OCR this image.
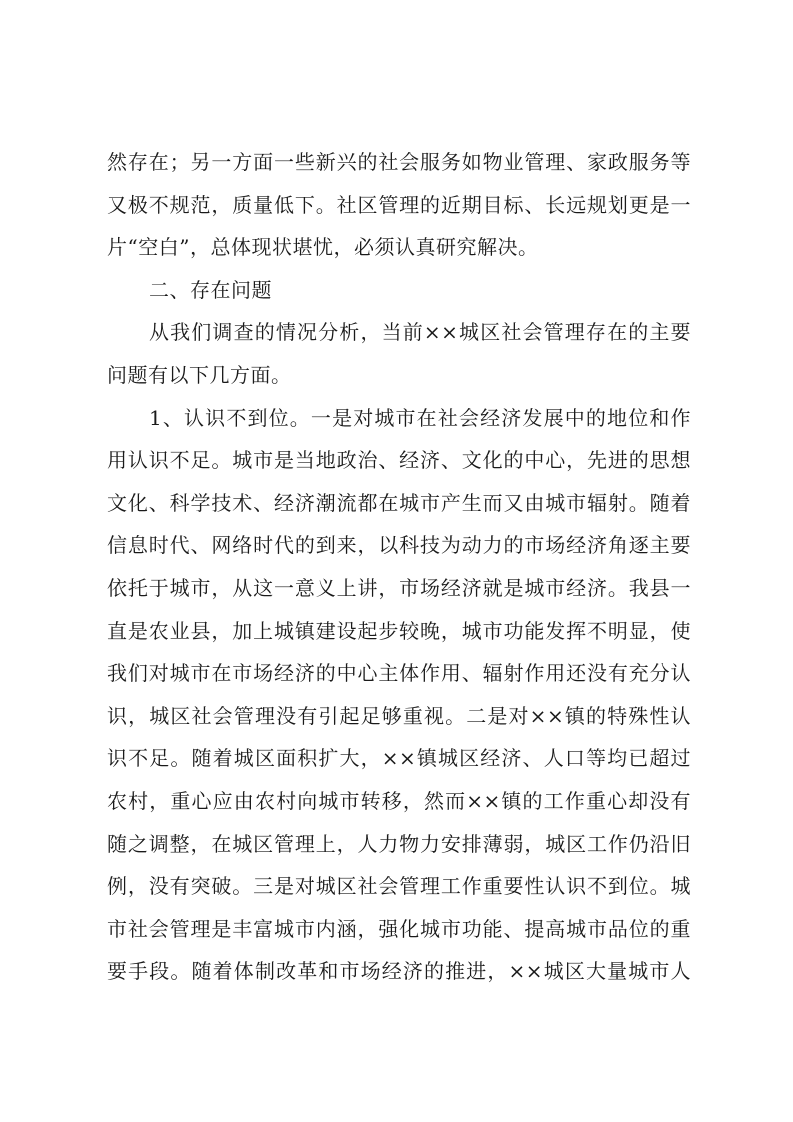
然存在；另一方面一些新兴的社会服务如物业管理、家政服务等
又极不规范，质量低下。社区管理的近期目标、长远规划更是一
片“空白”，总体现状堪忧，必须认真研究解决。
二、存在问题
从我们调查的情况分析，当前××城区社会管理存在的主要
问题有以下几方面。
1、认识不到位。一是对城市在社会经济发展中的地位和作
用认识不足。城市是当地政治、经济、文化的中心，先进的思想
文化、科学技术、经济潮流都在城市产生而又由城市辐射。随着
信息时代、网络时代的到来，以科技为动力的市场经济角逐主要
依托于城市，从这一意义上讲，市场经济就是城市经济。我县一
直是农业县，加上城镇建设起步较晚，城市功能发挥不明显，使
我们对城市在市场经济的中心主体作用、辐射作用还没有充分认
识，城区社会管理没有引起足够重视。二是对××镇的特殊性认
识不足。随着城区面积扩大，××镇城区经济、人口等均已超过
农村，重心应由农村向城市转移，然而××镇的工作重心却没有
随之调整，在城区管理上，人力物力安排薄弱，城区工作仍沿旧
例，没有突破。三是对城区社会管理工作重要性认识不到位。城
市社会管理是丰富城市内涵，强化城市功能、提高城市品位的重
要手段。随着体制改革和市场经济的推进，××城区大量城市人
